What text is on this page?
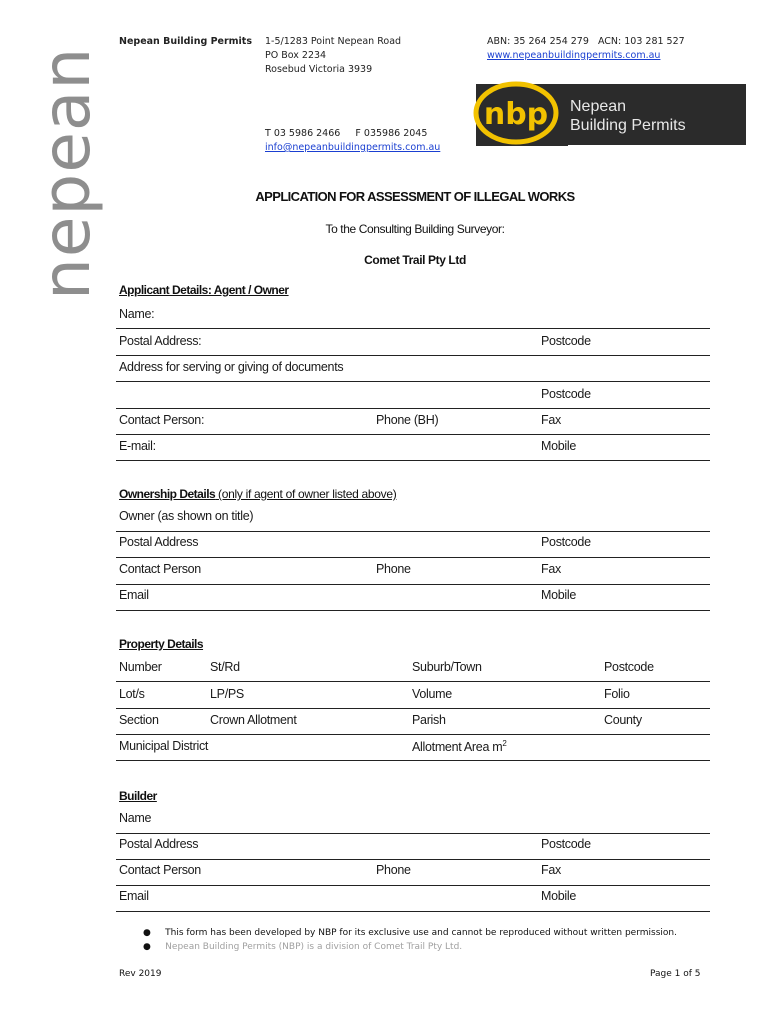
nepean
Nepean Building Permits 1-5/1283 Point Nepean Road
PO Box 2234
Rosebud Victoria 3939
ABN: 35 264 254 279 ACN: 103 281 527
www.nepeanbuildingpermits.com.au
T 03 5986 2466 F 035986 2045
info@nepeanbuildingpermits.com.au
nbp Nepean
Building Permits
APPLICATION FOR ASSESSMENT OF ILLEGAL WORKS
To the Consulting Building Surveyor:
Comet Trail Pty Ltd
Applicant Details: Agent / Owner
Name:
Postal Address:	Postcode
Address for serving or giving of documents
Postcode
Contact Person:	Phone (BH)	Fax
E-mail:	Mobile
Ownership Details (only if agent of owner listed above)
Owner (as shown on title)
Postal Address	Postcode
Contact Person	Phone	Fax
Email	Mobile
Property Details
Number	St/Rd	Suburb/Town	Postcode
Lot/s	LP/PS	Volume	Folio
Section	Crown Allotment	Parish	County
Municipal District	Allotment Area $m^2$
Builder
Name
Postal Address	Postcode
Contact Person	Phone	Fax
Email	Mobile
● This form has been developed by NBP for its exclusive use and cannot be reproduced without written permission.
● Nepean Building Permits (NBP) is a division of Comet Trail Pty Ltd.
Rev 2019	Page 1 of 5
